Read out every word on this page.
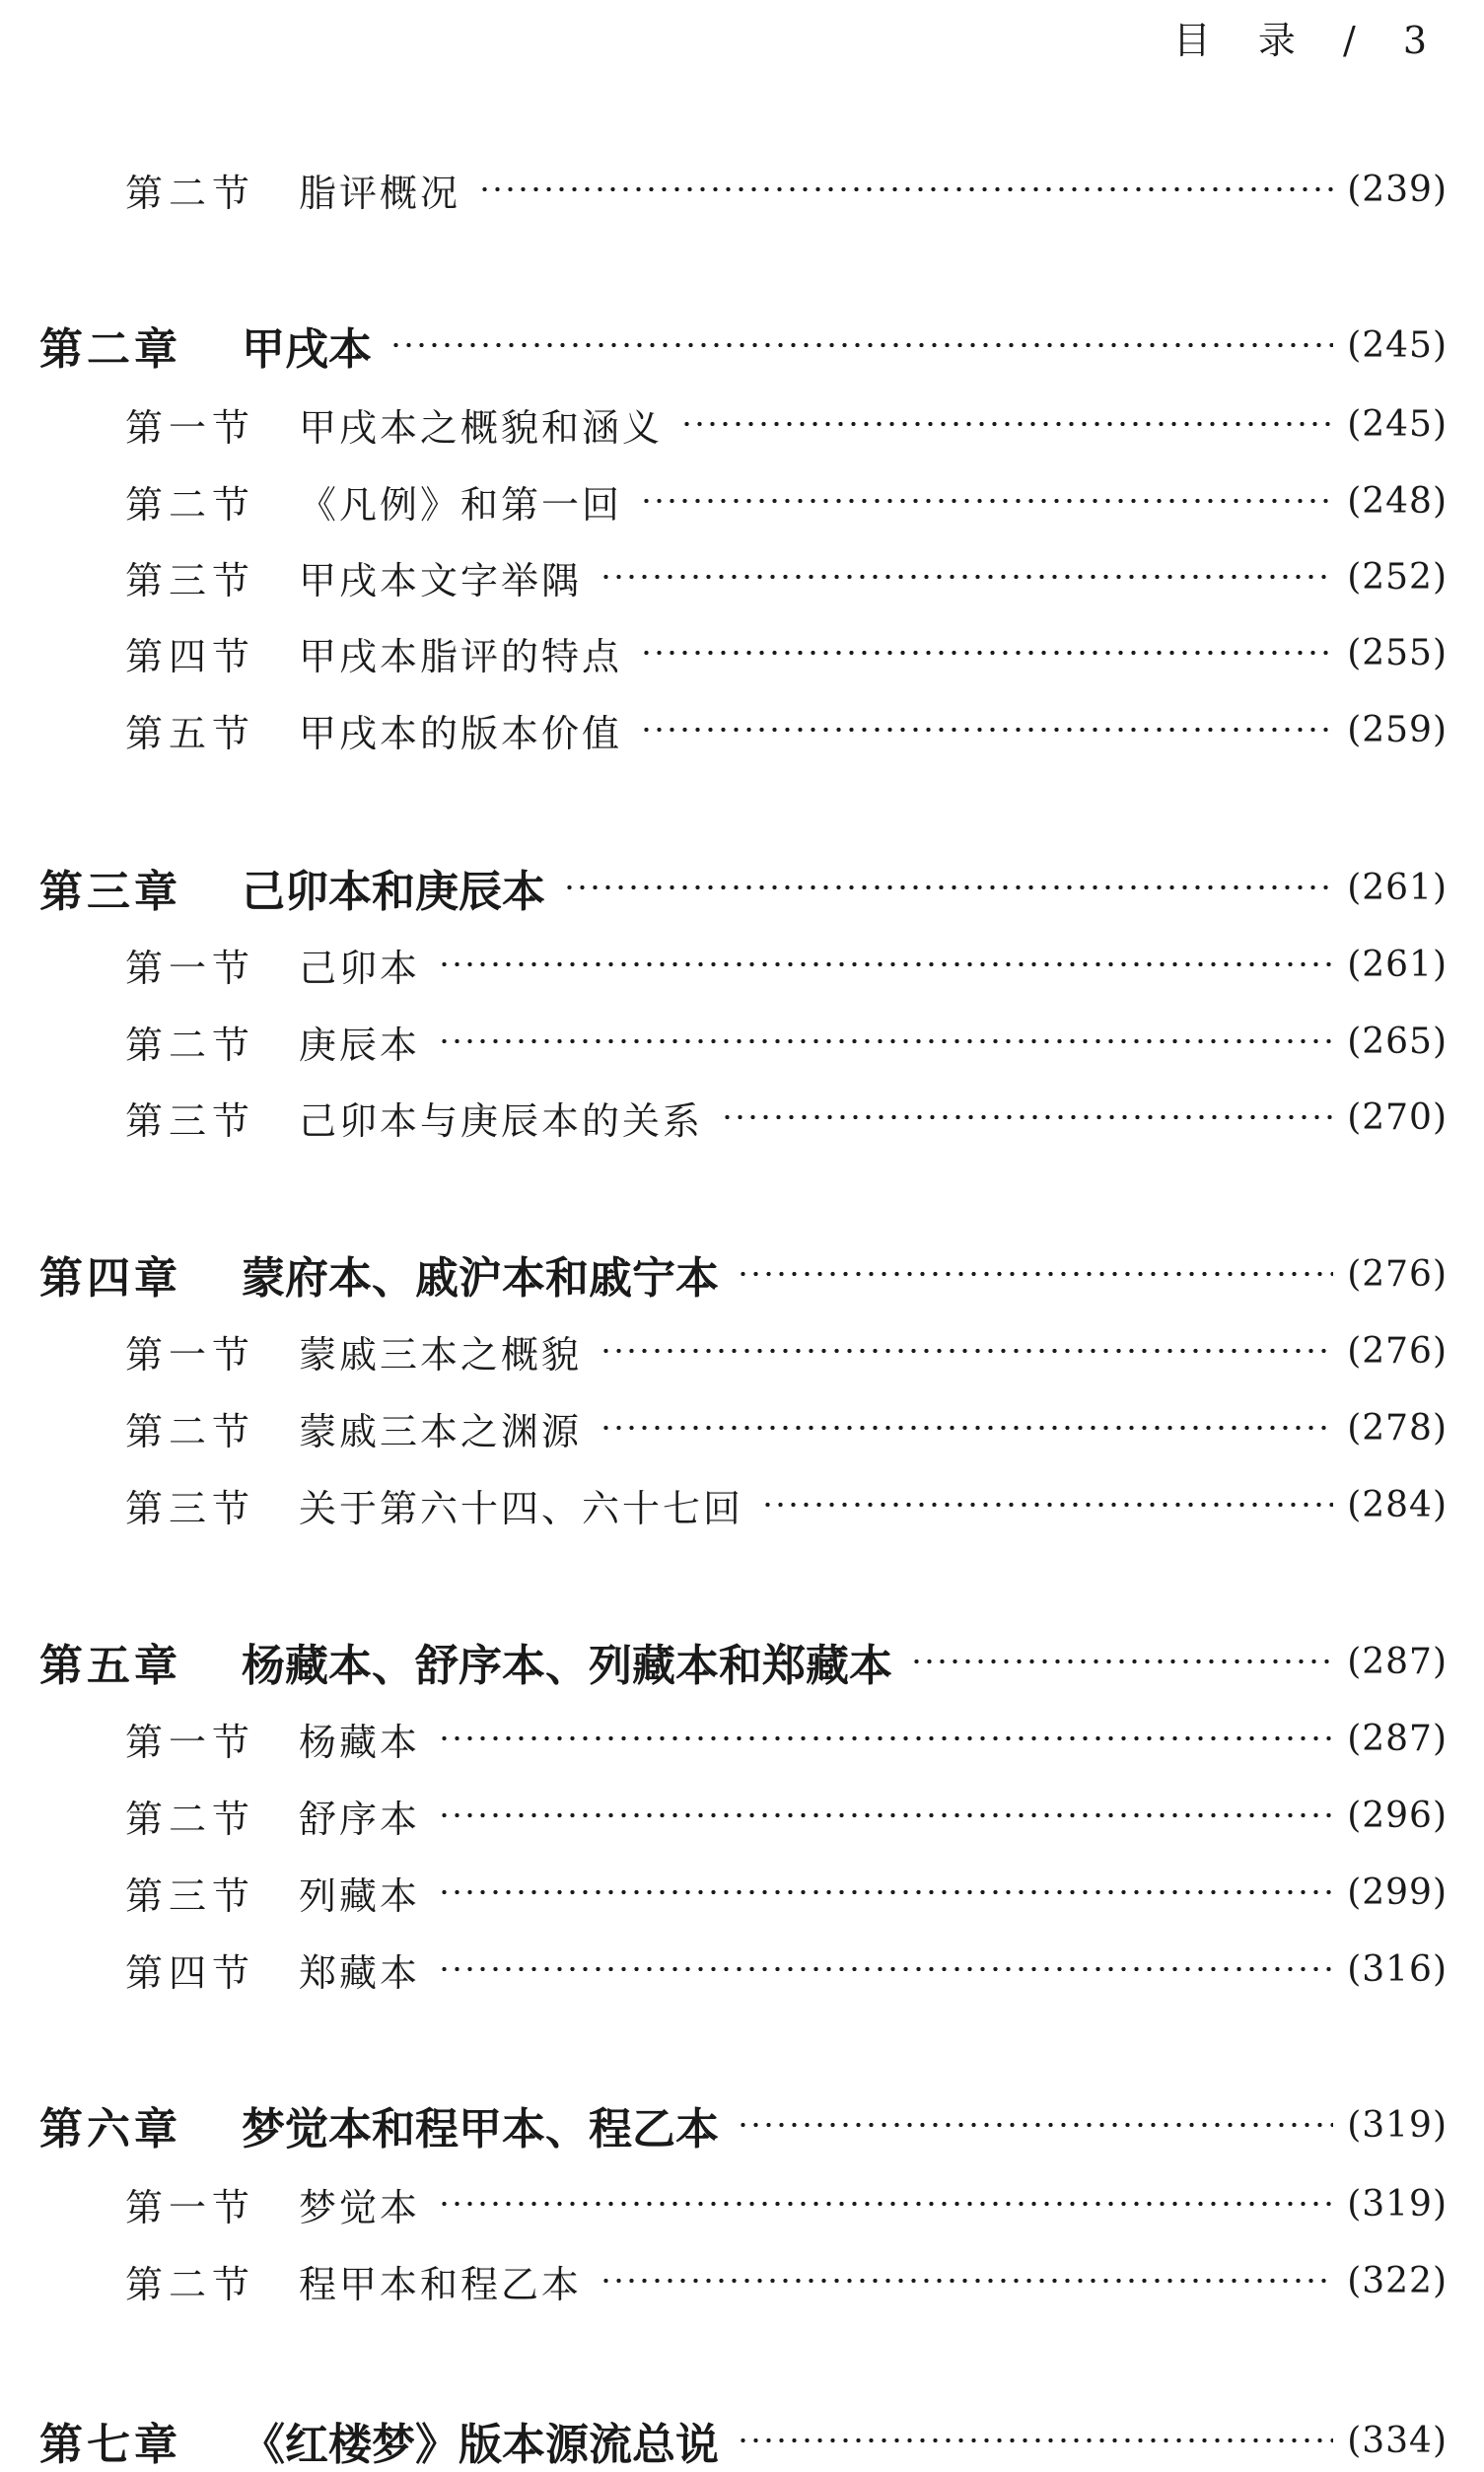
目 录 / 3
第二节	脂评概况	(239)
第二章	甲戌本	(245)
第一节	甲戌本之概貌和涵义	(245)
第二节	《凡例》和第一回	(248)
第三节	甲戌本文字举隅	(252)
第四节	甲戌本脂评的特点	(255)
第五节	甲戌本的版本价值	(259)
第三章	己卯本和庚辰本	(261)
第一节	己卯本	(261)
第二节	庚辰本	(265)
第三节	己卯本与庚辰本的关系	(270)
第四章	蒙府本、戚沪本和戚宁本	(276)
第一节	蒙戚三本之概貌	(276)
第二节	蒙戚三本之渊源	(278)
第三节	关于第六十四、六十七回	(284)
第五章	杨藏本、舒序本、列藏本和郑藏本	(287)
第一节	杨藏本	(287)
第二节	舒序本	(296)
第三节	列藏本	(299)
第四节	郑藏本	(316)
第六章	梦觉本和程甲本、程乙本	(319)
第一节	梦觉本	(319)
第二节	程甲本和程乙本	(322)
第七章	《红楼梦》版本源流总说	(334)
